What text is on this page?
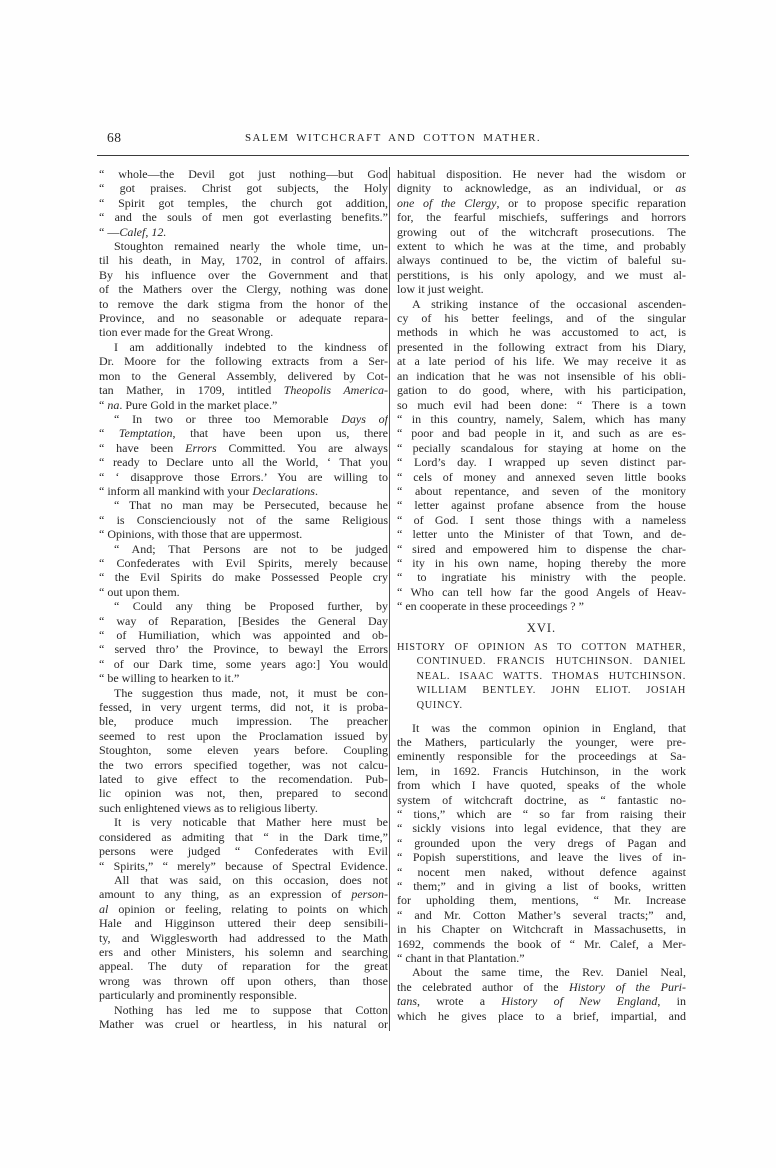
68	SALEM WITCHCRAFT AND COTTON MATHER.
“ whole—the Devil got just nothing—but God
“ got praises. Christ got subjects, the Holy
“ Spirit got temples, the church got addition,
“ and the souls of men got everlasting benefits.”
“ —Calef, 12.
Stoughton remained nearly the whole time, un-
til his death, in May, 1702, in control of affairs.
By his influence over the Government and that
of the Mathers over the Clergy, nothing was done
to remove the dark stigma from the honor of the
Province, and no seasonable or adequate repara-
tion ever made for the Great Wrong.
I am additionally indebted to the kindness of
Dr. Moore for the following extracts from a Ser-
mon to the General Assembly, delivered by Cot-
tan Mather, in 1709, intitled Theopolis America-
“ na. Pure Gold in the market place.”
“ In two or three too Memorable Days of
“ Temptation, that have been upon us, there
“ have been Errors Committed. You are always
“ ready to Declare unto all the World, ‘ That you
“ ‘ disapprove those Errors.’ You are willing to
“ inform all mankind with your Declarations.
“ That no man may be Persecuted, because he
“ is Conscienciously not of the same Religious
“ Opinions, with those that are uppermost.
“ And; That Persons are not to be judged
“ Confederates with Evil Spirits, merely because
“ the Evil Spirits do make Possessed People cry
“ out upon them.
“ Could any thing be Proposed further, by
“ way of Reparation, [Besides the General Day
“ of Humiliation, which was appointed and ob-
“ served thro’ the Province, to bewayl the Errors
“ of our Dark time, some years ago:] You would
“ be willing to hearken to it.”
The suggestion thus made, not, it must be con-
fessed, in very urgent terms, did not, it is proba-
ble, produce much impression. The preacher
seemed to rest upon the Proclamation issued by
Stoughton, some eleven years before. Coupling
the two errors specified together, was not calcu-
lated to give effect to the recomendation. Pub-
lic opinion was not, then, prepared to second
such enlightened views as to religious liberty.
It is very noticable that Mather here must be
considered as admiting that “ in the Dark time,”
persons were judged “ Confederates with Evil
“ Spirits,” “ merely” because of Spectral Evidence.
All that was said, on this occasion, does not
amount to any thing, as an expression of person-
al opinion or feeling, relating to points on which
Hale and Higginson uttered their deep sensibili-
ty, and Wigglesworth had addressed to the Math
ers and other Ministers, his solemn and searching
appeal. The duty of reparation for the great
wrong was thrown off upon others, than those
particularly and prominently responsible.
Nothing has led me to suppose that Cotton
Mather was cruel or heartless, in his natural or
habitual disposition. He never had the wisdom or
dignity to acknowledge, as an individual, or as
one of the Clergy, or to propose specific reparation
for, the fearful mischiefs, sufferings and horrors
growing out of the witchcraft prosecutions. The
extent to which he was at the time, and probably
always continued to be, the victim of baleful su-
perstitions, is his only apology, and we must al-
low it just weight.
A striking instance of the occasional ascenden-
cy of his better feelings, and of the singular
methods in which he was accustomed to act, is
presented in the following extract from his Diary,
at a late period of his life. We may receive it as
an indication that he was not insensible of his obli-
gation to do good, where, with his participation,
so much evil had been done: “ There is a town
“ in this country, namely, Salem, which has many
“ poor and bad people in it, and such as are es-
“ pecially scandalous for staying at home on the
“ Lord’s day. I wrapped up seven distinct par-
“ cels of money and annexed seven little books
“ about repentance, and seven of the monitory
“ letter against profane absence from the house
“ of God. I sent those things with a nameless
“ letter unto the Minister of that Town, and de-
“ sired and empowered him to dispense the char-
“ ity in his own name, hoping thereby the more
“ to ingratiate his ministry with the people.
“ Who can tell how far the good Angels of Heav-
“ en cooperate in these proceedings ? ”
XVI.
HISTORY OF OPINION AS TO COTTON MATHER,
CONTINUED. FRANCIS HUTCHINSON. DANIEL
NEAL. ISAAC WATTS. THOMAS HUTCHINSON.
WILLIAM BENTLEY. JOHN ELIOT. JOSIAH
QUINCY.
It was the common opinion in England, that
the Mathers, particularly the younger, were pre-
eminently responsible for the proceedings at Sa-
lem, in 1692. Francis Hutchinson, in the work
from which I have quoted, speaks of the whole
system of witchcraft doctrine, as “ fantastic no-
“ tions,” which are “ so far from raising their
“ sickly visions into legal evidence, that they are
“ grounded upon the very dregs of Pagan and
“ Popish superstitions, and leave the lives of in-
“ nocent men naked, without defence against
“ them;” and in giving a list of books, written
for upholding them, mentions, “ Mr. Increase
“ and Mr. Cotton Mather’s several tracts;” and,
in his Chapter on Witchcraft in Massachusetts, in
1692, commends the book of “ Mr. Calef, a Mer-
“ chant in that Plantation.”
About the same time, the Rev. Daniel Neal,
the celebrated author of the History of the Puri-
tans, wrote a History of New England, in
which he gives place to a brief, impartial, and
